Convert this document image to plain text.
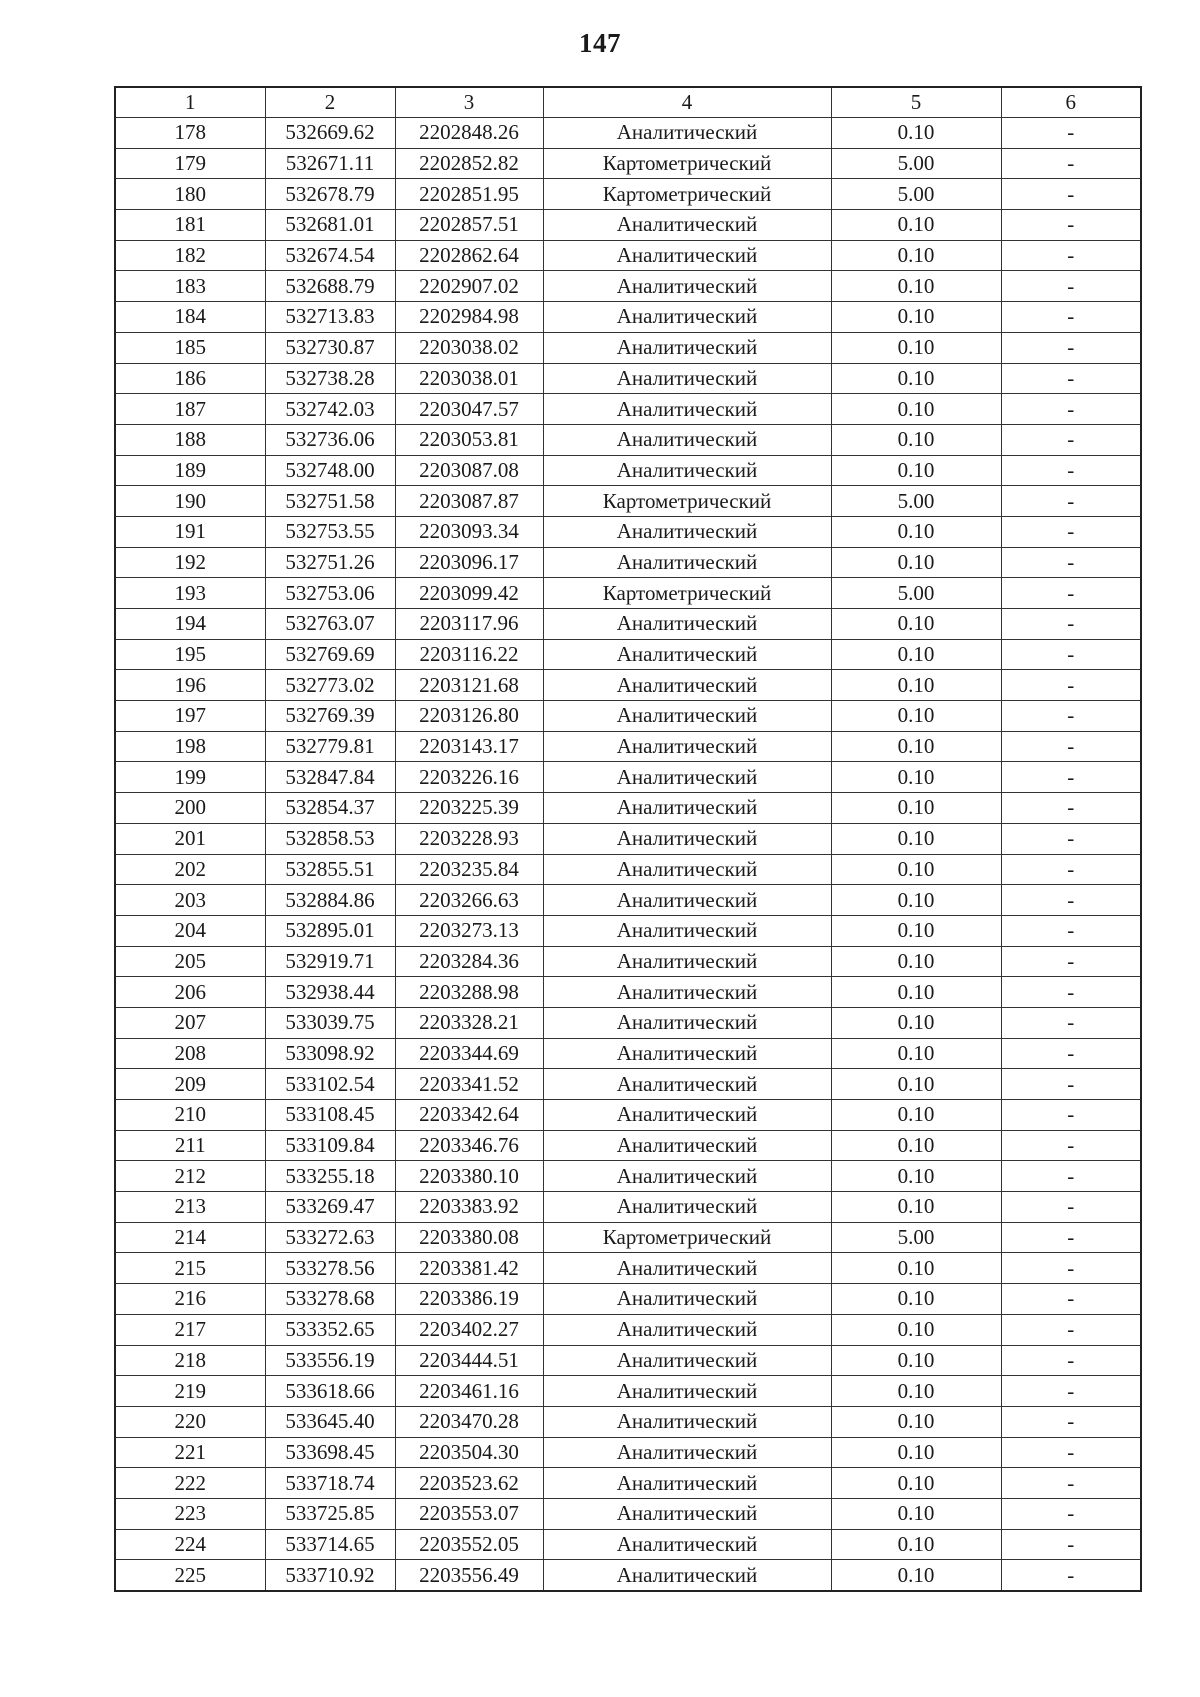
147
1	2	3	4	5	6
178	532669.62	2202848.26	Аналитический	0.10	-
179	532671.11	2202852.82	Картометрический	5.00	-
180	532678.79	2202851.95	Картометрический	5.00	-
181	532681.01	2202857.51	Аналитический	0.10	-
182	532674.54	2202862.64	Аналитический	0.10	-
183	532688.79	2202907.02	Аналитический	0.10	-
184	532713.83	2202984.98	Аналитический	0.10	-
185	532730.87	2203038.02	Аналитический	0.10	-
186	532738.28	2203038.01	Аналитический	0.10	-
187	532742.03	2203047.57	Аналитический	0.10	-
188	532736.06	2203053.81	Аналитический	0.10	-
189	532748.00	2203087.08	Аналитический	0.10	-
190	532751.58	2203087.87	Картометрический	5.00	-
191	532753.55	2203093.34	Аналитический	0.10	-
192	532751.26	2203096.17	Аналитический	0.10	-
193	532753.06	2203099.42	Картометрический	5.00	-
194	532763.07	2203117.96	Аналитический	0.10	-
195	532769.69	2203116.22	Аналитический	0.10	-
196	532773.02	2203121.68	Аналитический	0.10	-
197	532769.39	2203126.80	Аналитический	0.10	-
198	532779.81	2203143.17	Аналитический	0.10	-
199	532847.84	2203226.16	Аналитический	0.10	-
200	532854.37	2203225.39	Аналитический	0.10	-
201	532858.53	2203228.93	Аналитический	0.10	-
202	532855.51	2203235.84	Аналитический	0.10	-
203	532884.86	2203266.63	Аналитический	0.10	-
204	532895.01	2203273.13	Аналитический	0.10	-
205	532919.71	2203284.36	Аналитический	0.10	-
206	532938.44	2203288.98	Аналитический	0.10	-
207	533039.75	2203328.21	Аналитический	0.10	-
208	533098.92	2203344.69	Аналитический	0.10	-
209	533102.54	2203341.52	Аналитический	0.10	-
210	533108.45	2203342.64	Аналитический	0.10	-
211	533109.84	2203346.76	Аналитический	0.10	-
212	533255.18	2203380.10	Аналитический	0.10	-
213	533269.47	2203383.92	Аналитический	0.10	-
214	533272.63	2203380.08	Картометрический	5.00	-
215	533278.56	2203381.42	Аналитический	0.10	-
216	533278.68	2203386.19	Аналитический	0.10	-
217	533352.65	2203402.27	Аналитический	0.10	-
218	533556.19	2203444.51	Аналитический	0.10	-
219	533618.66	2203461.16	Аналитический	0.10	-
220	533645.40	2203470.28	Аналитический	0.10	-
221	533698.45	2203504.30	Аналитический	0.10	-
222	533718.74	2203523.62	Аналитический	0.10	-
223	533725.85	2203553.07	Аналитический	0.10	-
224	533714.65	2203552.05	Аналитический	0.10	-
225	533710.92	2203556.49	Аналитический	0.10	-
